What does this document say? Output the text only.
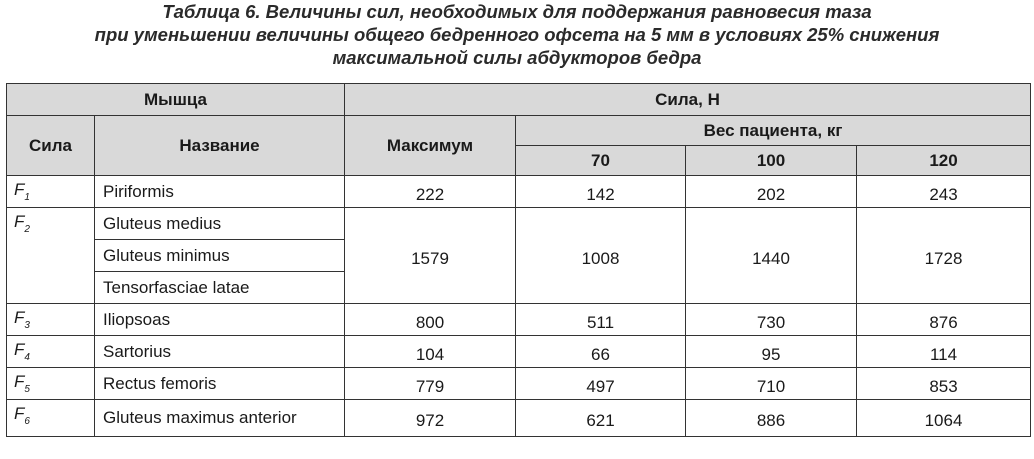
Таблица 6. Величины сил, необходимых для поддержания равновесия таза
при уменьшении величины общего бедренного офсета на 5 мм в условиях 25% снижения
максимальной силы абдукторов бедра
Мышца		Сила, Н			
Сила	Название	Максимум	Вес пациента, кг		
			70	100	120
$F_1$	Piriformis	222	142	202	243
$F_2$	Gluteus medius	1579	1008	1440	1728
	Gluteus minimus				
	Tensorfasciae latae				
$F_3$	Iliopsoas	800	511	730	876
$F_4$	Sartorius	104	66	95	114
$F_5$	Rectus femoris	779	497	710	853
$F_6$	Gluteus maximus anterior	972	621	886	1064
